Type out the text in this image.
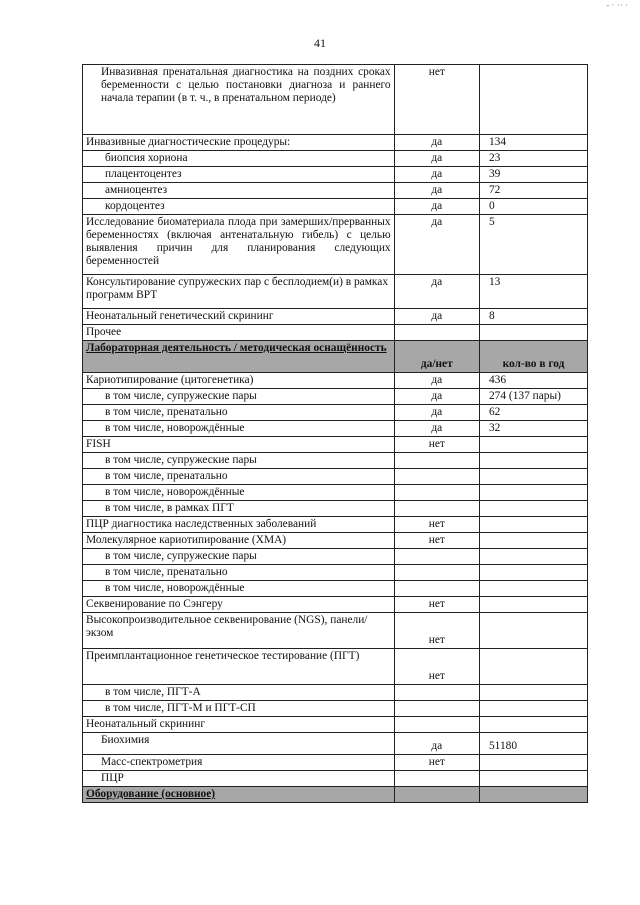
41
- · ·· ·
Инвазивная пренатальная диагностика на поздних сроках беременности с целью постановки диагноза и раннего начала терапии (в т. ч., в пренатальном периоде)	нет	
Инвазивные диагностические процедуры:	да	134
биопсия хориона	да	23
плацентоцентез	да	39
амниоцентез	да	72
кордоцентез	да	0
Исследование биоматериала плода при замерших/прерванных беременностях (включая антенатальную гибель) с целью выявления причин для планирования следующих беременностей	да	5
Консультирование супружеских пар с бесплодием(и) в рамках программ ВРТ	да	13
Неонатальный генетический скрининг	да	8
Прочее		
Лабораторная деятельность / методическая оснащённость	да/нет	кол-во в год
Кариотипирование (цитогенетика)	да	436
в том числе, супружеские пары	да	274 (137 пары)
в том числе, пренатально	да	62
в том числе, новорождённые	да	32
FISH	нет	
в том числе, супружеские пары		
в том числе, пренатально		
в том числе, новорождённые		
в том числе, в рамках ПГТ		
ПЦР диагностика наследственных заболеваний	нет	
Молекулярное кариотипирование (ХМА)	нет	
в том числе, супружеские пары		
в том числе, пренатально		
в том числе, новорождённые		
Секвенирование по Сэнгеру	нет	
Высокопроизводительное секвенирование (NGS), панели/экзом	нет	
Преимплантационное генетическое тестирование (ПГТ)	нет	
в том числе, ПГТ-А		
в том числе, ПГТ-М и ПГТ-СП		
Неонатальный скрининг		
Биохимия	да	51180
Масс-спектрометрия	нет	
ПЦР		
Оборудование (основное)		
